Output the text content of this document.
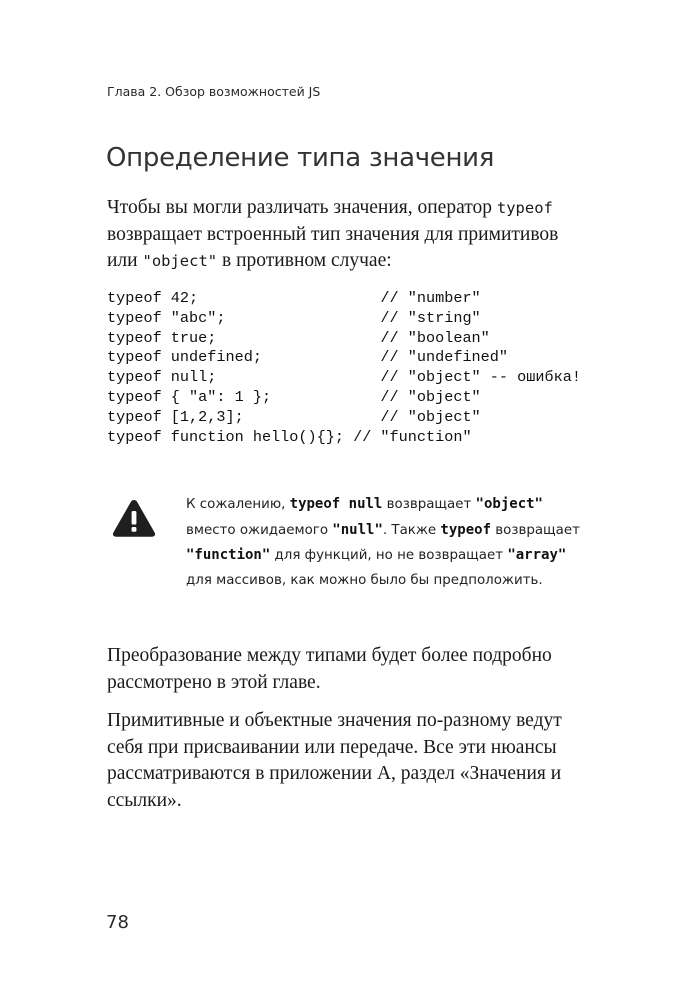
Глава 2. Обзор возможностей JS
Определение типа значения

Чтобы вы могли различать значения, оператор typeof возвращает встроенный тип значения для примитивов или "object" в противном случае:

typeof 42;                    // "number"
typeof "abc";                 // "string"
typeof true;                  // "boolean"
typeof undefined;             // "undefined"
typeof null;                  // "object" -- ошибка!
typeof { "a": 1 };            // "object"
typeof [1,2,3];               // "object"
typeof function hello(){}; // "function"

К сожалению, typeof null возвращает "object" вместо ожидаемого "null". Также typeof возвращает "function" для функций, но не возвращает "array" для массивов, как можно было бы предположить.

Преобразование между типами будет более подробно рассмотрено в этой главе.

Примитивные и объектные значения по-разному ведут себя при присваивании или передаче. Все эти нюансы рассматриваются в приложении А, раздел «Значения и ссылки».

78
